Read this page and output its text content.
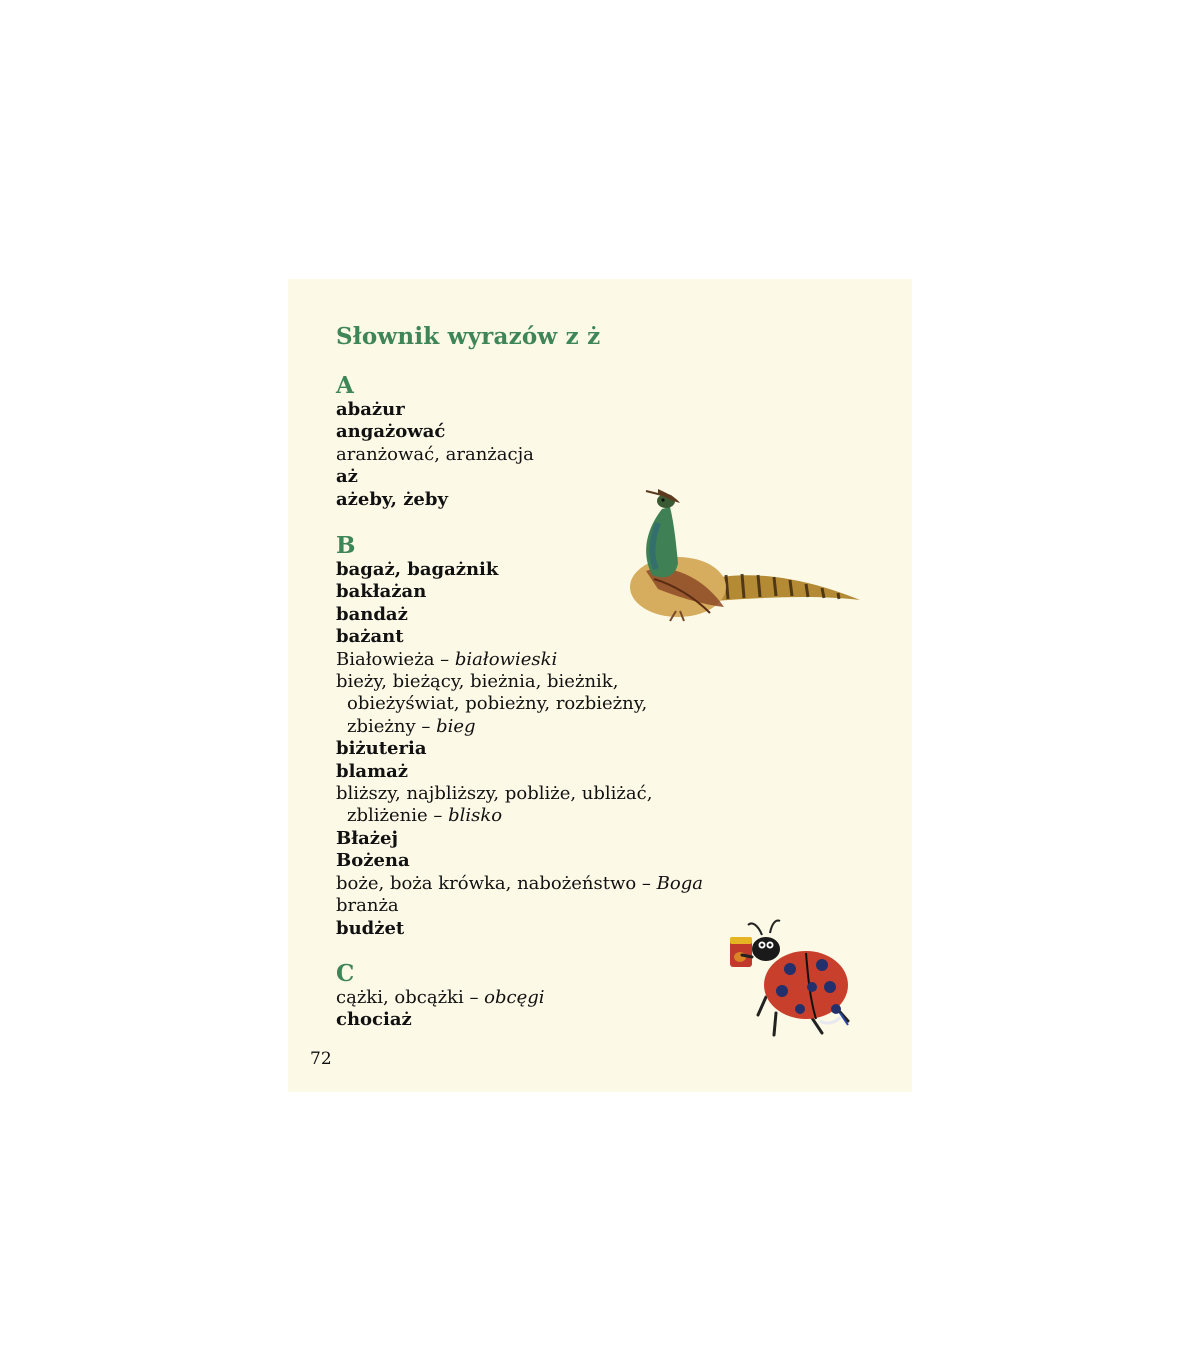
Słownik wyrazów z ż
A
abażur
angażować
aranżować, aranżacja
aż
ażeby, żeby
B
bagaż, bagażnik
bakłażan
bandaż
bażant
Białowieża – białowieski
bieży, bieżący, bieżnia, bieżnik,
obieżyświat, pobieżny, rozbieżny,
zbieżny – bieg
biżuteria
blamaż
bliższy, najbliższy, pobliże, ubliżać,
zbliżenie – blisko
Błażej
Bożena
boże, boża krówka, nabożeństwo – Boga
branża
budżet
C
cążki, obcążki – obcęgi
chociaż
72
